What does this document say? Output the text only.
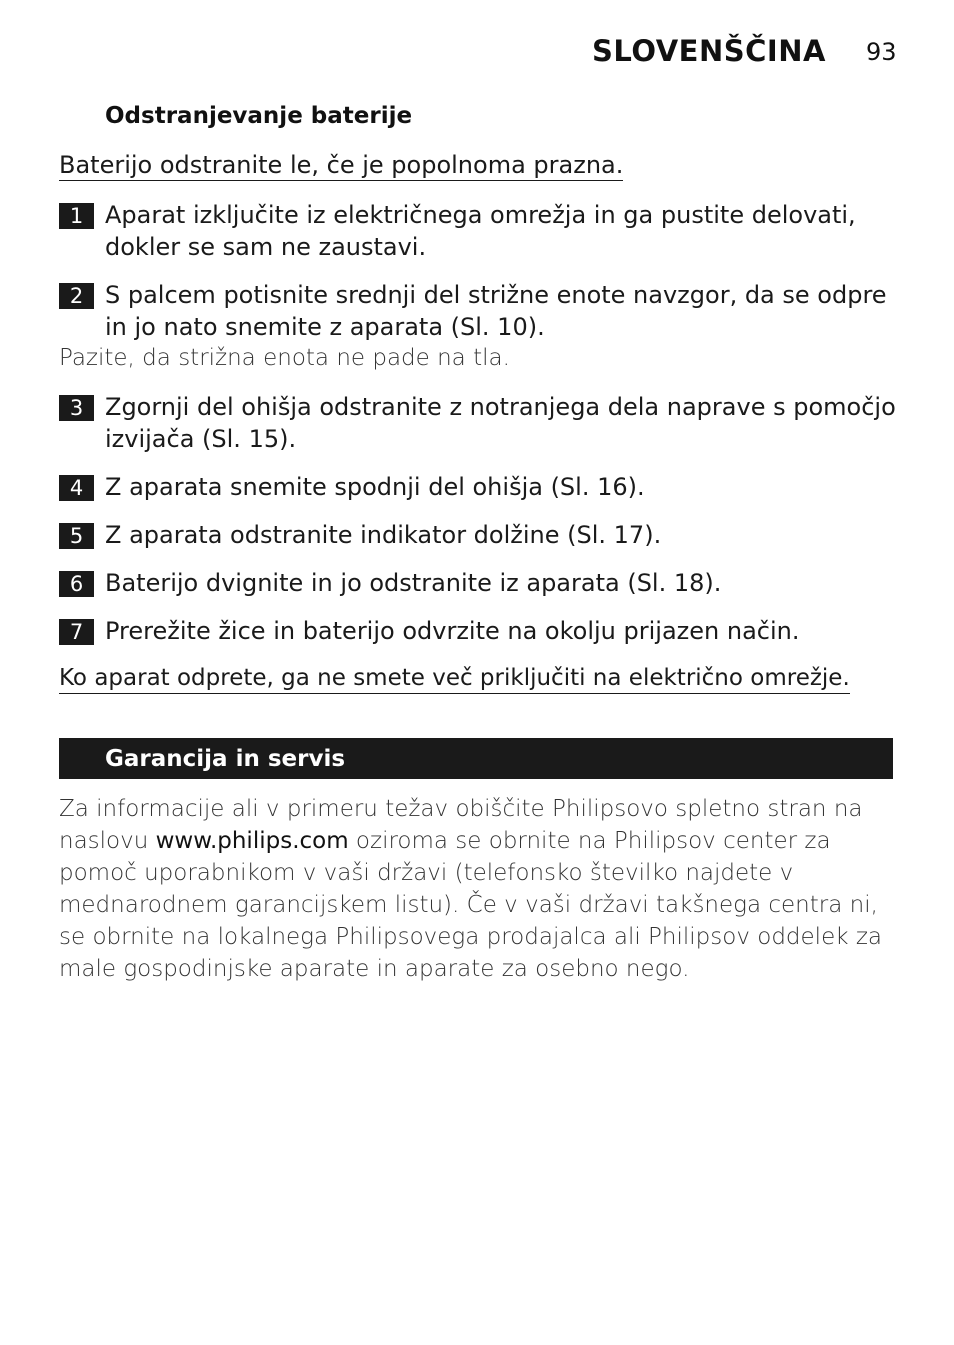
SLOVENŠČINA 93
Odstranjevanje baterije
Baterijo odstranite le, če je popolnoma prazna.
1 Aparat izključite iz električnega omrežja in ga pustite delovati, dokler se sam ne zaustavi.
2 S palcem potisnite srednji del strižne enote navzgor, da se odpre in jo nato snemite z aparata (Sl. 10).
Pazite, da strižna enota ne pade na tla.
3 Zgornji del ohišja odstranite z notranjega dela naprave s pomočjo izvijača (Sl. 15).
4 Z aparata snemite spodnji del ohišja (Sl. 16).
5 Z aparata odstranite indikator dolžine (Sl. 17).
6 Baterijo dvignite in jo odstranite iz aparata (Sl. 18).
7 Prerežite žice in baterijo odvrzite na okolju prijazen način.
Ko aparat odprete, ga ne smete več priključiti na električno omrežje.
Garancija in servis
Za informacije ali v primeru težav obiščite Philipsovo spletno stran na naslovu www.philips.com oziroma se obrnite na Philipsov center za pomoč uporabnikom v vaši državi (telefonsko številko najdete v mednarodnem garancijskem listu). Če v vaši državi takšnega centra ni, se obrnite na lokalnega Philipsovega prodajalca ali Philipsov oddelek za male gospodinjske aparate in aparate za osebno nego.
